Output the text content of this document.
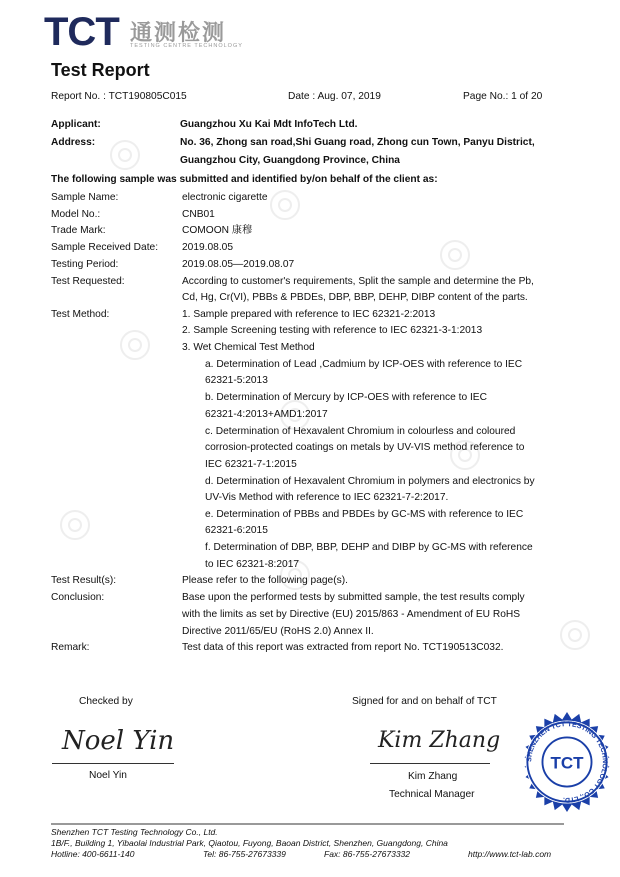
TCT 通测检测
TESTING CENTRE TECHNOLOGY
Test Report
Report No. : TCT190805C015	Date : Aug. 07, 2019	Page No.: 1 of 20
Applicant:	Guangzhou Xu Kai Mdt InfoTech Ltd.
Address:	No. 36, Zhong san road,Shi Guang road, Zhong cun Town, Panyu District,
Guangzhou City, Guangdong Province, China
The following sample was submitted and identified by/on behalf of the client as:
Sample Name:	electronic cigarette
Model No.:	CNB01
Trade Mark:	COMOON 康穆
Sample Received Date: 2019.08.05
Testing Period:	2019.08.05—2019.08.07
Test Requested:	According to customer's requirements, Split the sample and determine the Pb,
Cd, Hg, Cr(VI), PBBs & PBDEs, DBP, BBP, DEHP, DIBP content of the parts.
Test Method:	1. Sample prepared with reference to IEC 62321-2:2013
2. Sample Screening testing with reference to IEC 62321-3-1:2013
3. Wet Chemical Test Method
a. Determination of Lead ,Cadmium by ICP-OES with reference to IEC
62321-5:2013
b. Determination of Mercury by ICP-OES with reference to IEC
62321-4:2013+AMD1:2017
c. Determination of Hexavalent Chromium in colourless and coloured
corrosion-protected coatings on metals by UV-VIS method reference to
IEC 62321-7-1:2015
d. Determination of Hexavalent Chromium in polymers and electronics by
UV-Vis Method with reference to IEC 62321-7-2:2017.
e. Determination of PBBs and PBDEs by GC-MS with reference to IEC
62321-6:2015
f. Determination of DBP, BBP, DEHP and DIBP by GC-MS with reference
to IEC 62321-8:2017
Test Result(s):	Please refer to the following page(s).
Conclusion:	Base upon the performed tests by submitted sample, the test results comply
with the limits as set by Directive (EU) 2015/863 - Amendment of EU RoHS
Directive 2011/65/EU (RoHS 2.0) Annex II.
Remark:	Test data of this report was extracted from report No. TCT190513C032.
Checked by
Noel Yin
Noel Yin
Signed for and on behalf of TCT
Kim Zhang
Kim Zhang
Technical Manager
SHENZHEN TCT TESTING TECHNOLOGY CO., LTD.
TCT
Shenzhen TCT Testing Technology Co., Ltd.
1B/F., Building 1, Yibaolai Industrial Park, Qiaotou, Fuyong, Baoan District, Shenzhen, Guangdong, China
Hotline: 400-6611-140	Tel: 86-755-27673339	Fax: 86-755-27673332	http://www.tct-lab.com
